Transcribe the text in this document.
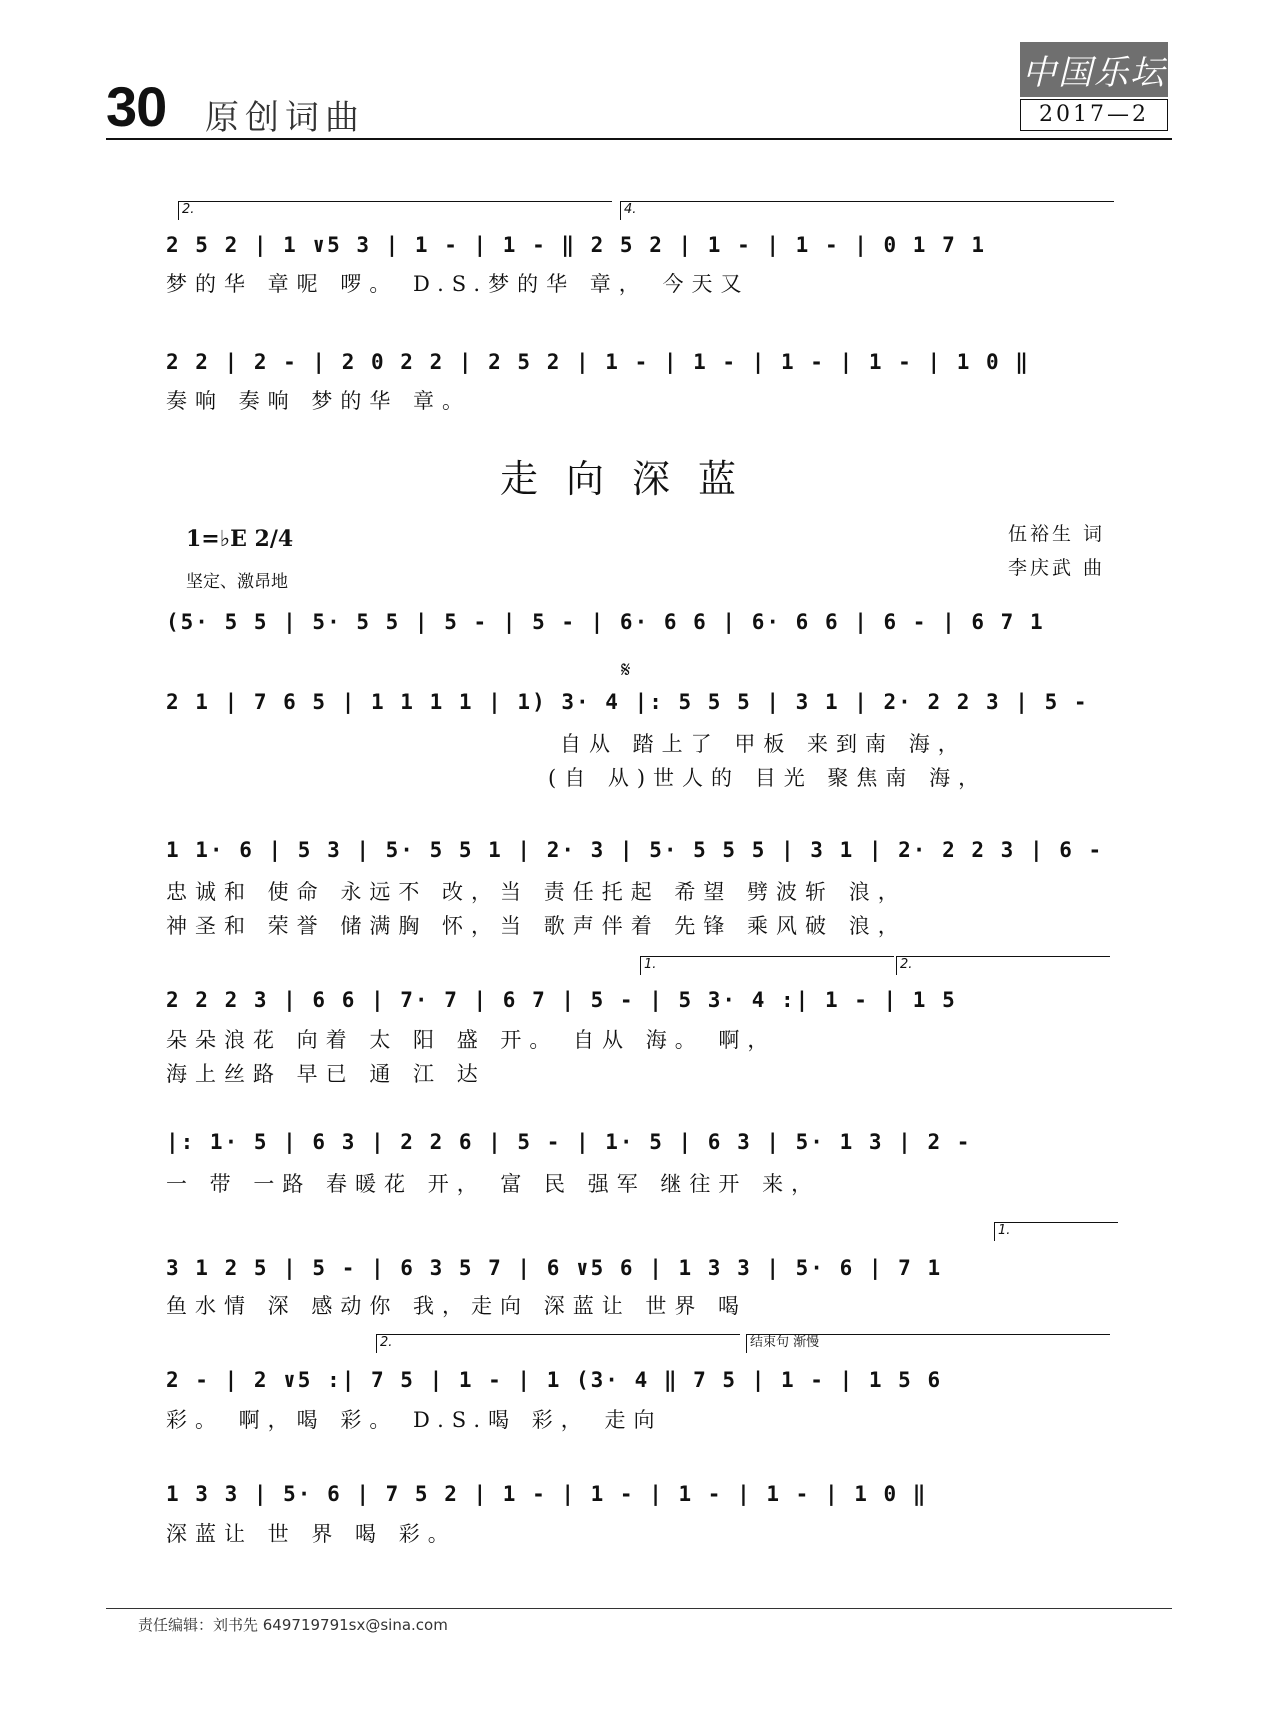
30 原创词曲
中国乐坛
2017—2
2.	4.
2 5 2 | 1 ∨5 3 | 1 - | 1 - ‖ 2 5 2 | 1 - | 1 - | 0 1 7 1
梦的华 章呢 啰。 D.S.梦的华 章， 今天又
2 2 | 2 - | 2 0 2 2 | 2 5 2 | 1 - | 1 - | 1 - | 1 - | 1 0 ‖
奏响 奏响 梦的华 章。
走向深蓝
1=♭E 2/4
坚定、激昂地
伍裕生 词
李庆武 曲
(5· 5 5 | 5· 5 5 | 5 - | 5 - | 6· 6 6 | 6· 6 6 | 6 - | 6 7 1
𝄋
2 1 | 7 6 5 | 1 1 1 1 | 1) 3· 4 |: 5 5 5 | 3 1 | 2· 2 2 3 | 5 -
自从 踏上了 甲板 来到南 海，
(自 从)世人的 目光 聚焦南 海，
1 1· 6 | 5 3 | 5· 5 5 1 | 2· 3 | 5· 5 5 5 | 3 1 | 2· 2 2 3 | 6 -
忠诚和 使命 永远不 改，当 责任托起 希望 劈波斩 浪，
神圣和 荣誉 储满胸 怀，当 歌声伴着 先锋 乘风破 浪，
1.	2.
2 2 2 3 | 6 6 | 7· 7 | 6 7 | 5 - | 5 3· 4 :| 1 - | 1 5
朵朵浪花 向着 太 阳 盛 开。 自从 海。 啊，
海上丝路 早已 通 江 达
|: 1· 5 | 6 3 | 2 2 6 | 5 - | 1· 5 | 6 3 | 5· 1 3 | 2 -
一 带 一路 春暖花 开， 富 民 强军 继往开 来，
1.
3 1 2 5 | 5 - | 6 3 5 7 | 6 ∨5 6 | 1 3 3 | 5· 6 | 7 1
鱼水情 深 感动你 我，走向 深蓝让 世界 喝
2.	结束句 渐慢
2 - | 2 ∨5 :| 7 5 | 1 - | 1 (3· 4 ‖ 7 5 | 1 - | 1 5 6
彩。 啊，喝 彩。 D.S.喝 彩， 走向
1 3 3 | 5· 6 | 7 5 2 | 1 - | 1 - | 1 - | 1 - | 1 0 ‖
深蓝让 世 界 喝 彩。
责任编辑：刘书先 649719791sx@sina.com
